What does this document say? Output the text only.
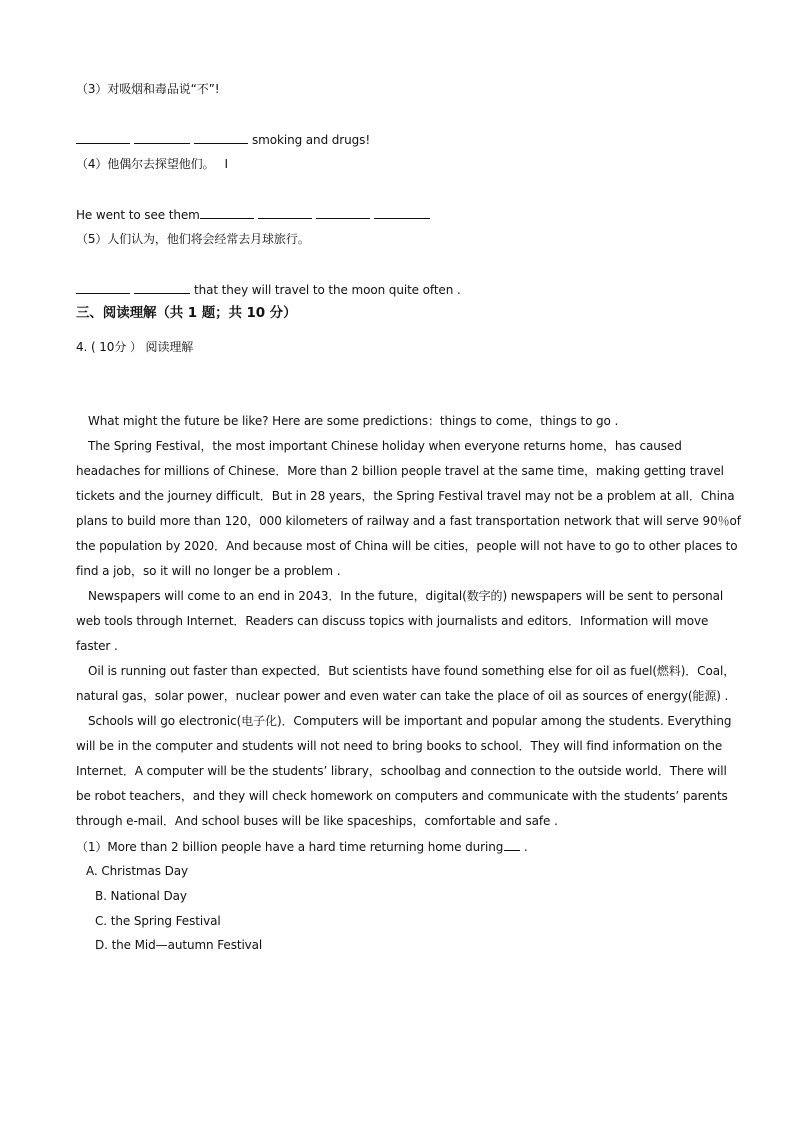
（3）对吸烟和毒品说“不”!
smoking and drugs!
（4）他偶尔去探望他们。 I
He went to see them
（5）人们认为，他们将会经常去月球旅行。
that they will travel to the moon quite often .
三、阅读理解（共 1 题；共 10 分）
4. ( 10分 ） 阅读理解
What might the future be like? Here are some predictions：things to come，things to go .
The Spring Festival，the most important Chinese holiday when everyone returns home，has caused
headaches for millions of Chinese．More than 2 billion people travel at the same time，making getting travel
tickets and the journey difficult．But in 28 years，the Spring Festival travel may not be a problem at all．China
plans to build more than 120，000 kilometers of railway and a fast transportation network that will serve 90％of
the population by 2020．And because most of China will be cities，people will not have to go to other places to
find a job，so it will no longer be a problem .
Newspapers will come to an end in 2043．In the future，digital(数字的) newspapers will be sent to personal
web tools through Internet．Readers can discuss topics with journalists and editors．Information will move
faster .
Oil is running out faster than expected．But scientists have found something else for oil as fuel(燃料)．Coal，
natural gas，solar power，nuclear power and even water can take the place of oil as sources of energy(能源) .
Schools will go electronic(电子化)．Computers will be important and popular among the students. Everything
will be in the computer and students will not need to bring books to school．They will find information on the
Internet．A computer will be the students’ library，schoolbag and connection to the outside world．There will
be robot teachers，and they will check homework on computers and communicate with the students’ parents
through e-mail．And school buses will be like spaceships，comfortable and safe .
（1）More than 2 billion people have a hard time returning home during .
A. Christmas Day
B. National Day
C. the Spring Festival
D. the Mid—autumn Festival
